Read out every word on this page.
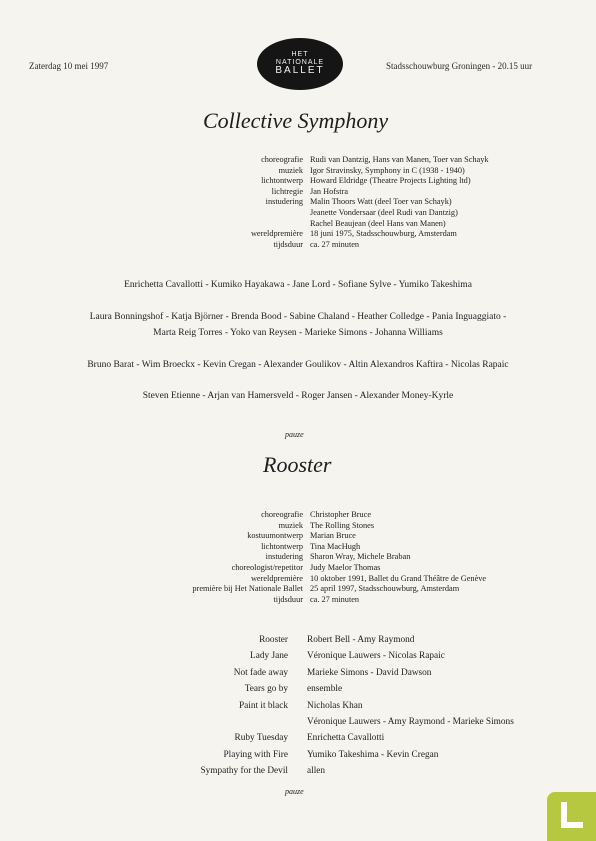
Zaterdag 10 mei 1997
HET
NATIONALE
BALLET	Stadsschouwburg Groningen - 20.15 uur
Collective Symphony
choreografie Rudi van Dantzig, Hans van Manen, Toer van Schayk
muziek Igor Stravinsky, Symphony in C (1938 - 1940)
lichtontwerp Howard Eldridge (Theatre Projects Lighting ltd)
lichtregie Jan Hofstra
instudering Malin Thoors Watt (deel Toer van Schayk)
Jeanette Vondersaar (deel Rudi van Dantzig)
Rachel Beaujean (deel Hans van Manen)
wereldpremière 18 juni 1975, Stadsschouwburg, Amsterdam
tijdsduur ca. 27 minuten
Enrichetta Cavallotti - Kumiko Hayakawa - Jane Lord - Sofiane Sylve - Yumiko Takeshima
Laura Bonningshof - Katja Björner - Brenda Bood - Sabine Chaland - Heather Colledge - Pania Inguaggiato -
Marta Reig Torres - Yoko van Reysen - Marieke Simons - Johanna Williams
Bruno Barat - Wim Broeckx - Kevin Cregan - Alexander Goulikov - Altin Alexandros Kaftira - Nicolas Rapaic
Steven Etienne - Arjan van Hamersveld - Roger Jansen - Alexander Money-Kyrle
pauze
Rooster
choreografie Christopher Bruce
muziek The Rolling Stones
kostuumontwerp Marian Bruce
lichtontwerp Tina MacHugh
instudering Sharon Wray, Michele Braban
choreologist/repetitor Judy Maelor Thomas
wereldpremière 10 oktober 1991, Ballet du Grand Théâtre de Genève
première bij Het Nationale Ballet 25 april 1997, Stadsschouwburg, Amsterdam
tijdsduur ca. 27 minuten
Rooster	Robert Bell - Amy Raymond
Lady Jane	Véronique Lauwers - Nicolas Rapaic
Not fade away	Marieke Simons - David Dawson
Tears go by	ensemble
Paint it black	Nicholas Khan
Véronique Lauwers - Amy Raymond - Marieke Simons
Ruby Tuesday	Enrichetta Cavallotti
Playing with Fire	Yumiko Takeshima - Kevin Cregan
Sympathy for the Devil	allen
pauze
